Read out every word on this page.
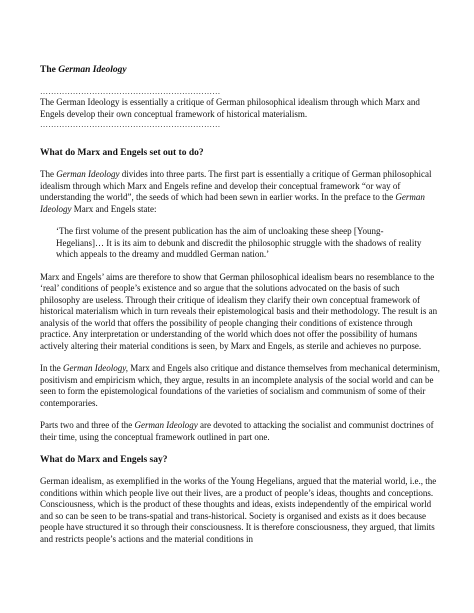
The German Ideology
…………………………………………………………
The German Ideology is essentially a critique of German philosophical idealism through which Marx and Engels develop their own conceptual framework of historical materialism.
…………………………………………………………
What do Marx and Engels set out to do?

The German Ideology divides into three parts. The first part is essentially a critique of German philosophical idealism through which Marx and Engels refine and develop their conceptual framework “or way of understanding the world”, the seeds of which had been sewn in earlier works. In the preface to the German Ideology Marx and Engels state:

‘The first volume of the present publication has the aim of uncloaking these sheep [Young-Hegelians]… It is its aim to debunk and discredit the philosophic struggle with the shadows of reality which appeals to the dreamy and muddled German nation.’

Marx and Engels’ aims are therefore to show that German philosophical idealism bears no resemblance to the ‘real’ conditions of people’s existence and so argue that the solutions advocated on the basis of such philosophy are useless. Through their critique of idealism they clarify their own conceptual framework of historical materialism which in turn reveals their epistemological basis and their methodology. The result is an analysis of the world that offers the possibility of people changing their conditions of existence through practice. Any interpretation or understanding of the world which does not offer the possibility of humans actively altering their material conditions is seen, by Marx and Engels, as sterile and achieves no purpose.

In the German Ideology, Marx and Engels also critique and distance themselves from mechanical determinism, positivism and empiricism which, they argue, results in an incomplete analysis of the social world and can be seen to form the epistemological foundations of the varieties of socialism and communism of some of their contemporaries.

Parts two and three of the German Ideology are devoted to attacking the socialist and communist doctrines of their time, using the conceptual framework outlined in part one.

What do Marx and Engels say?

German idealism, as exemplified in the works of the Young Hegelians, argued that the material world, i.e., the conditions within which people live out their lives, are a product of people’s ideas, thoughts and conceptions. Consciousness, which is the product of these thoughts and ideas, exists independently of the empirical world and so can be seen to be trans-spatial and trans-historical. Society is organised and exists as it does because people have structured it so through their consciousness. It is therefore consciousness, they argued, that limits and restricts people’s actions and the material conditions in
